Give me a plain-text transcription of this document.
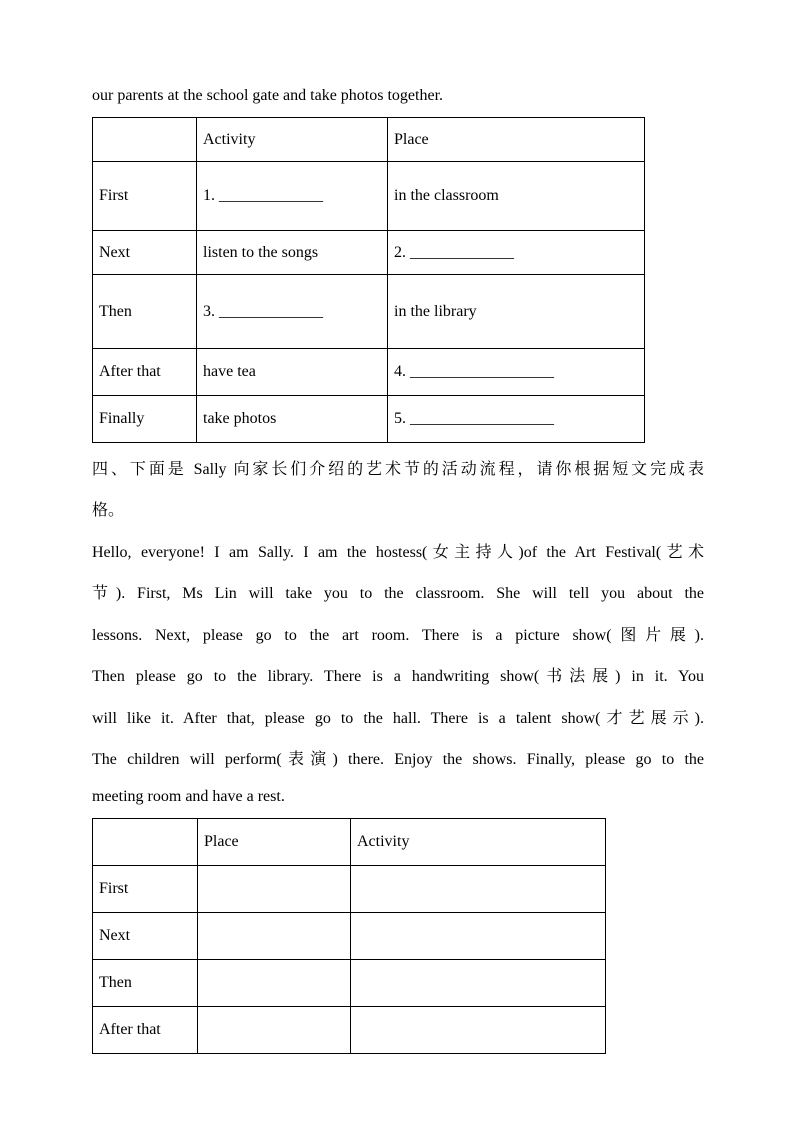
our parents at the school gate and take photos together.
	Activity	Place
First	1. _____________	in the classroom
Next	listen to the songs	2. _____________
Then	3. _____________	in the library
After that	have tea	4. __________________
Finally	take photos	5. __________________
四、下面是 Sally 向家长们介绍的艺术节的活动流程，请你根据短文完成表
格。
Hello, everyone! I am Sally. I am the hostess(女主持人)of the Art Festival(艺术
节). First, Ms Lin will take you to the classroom. She will tell you about the
lessons. Next, please go to the art room. There is a picture show(图片展).
Then please go to the library. There is a handwriting show(书法展) in it. You
will like it. After that, please go to the hall. There is a talent show(才艺展示).
The children will perform(表演) there. Enjoy the shows. Finally, please go to the
meeting room and have a rest.
	Place	Activity
First		
Next		
Then		
After that		
